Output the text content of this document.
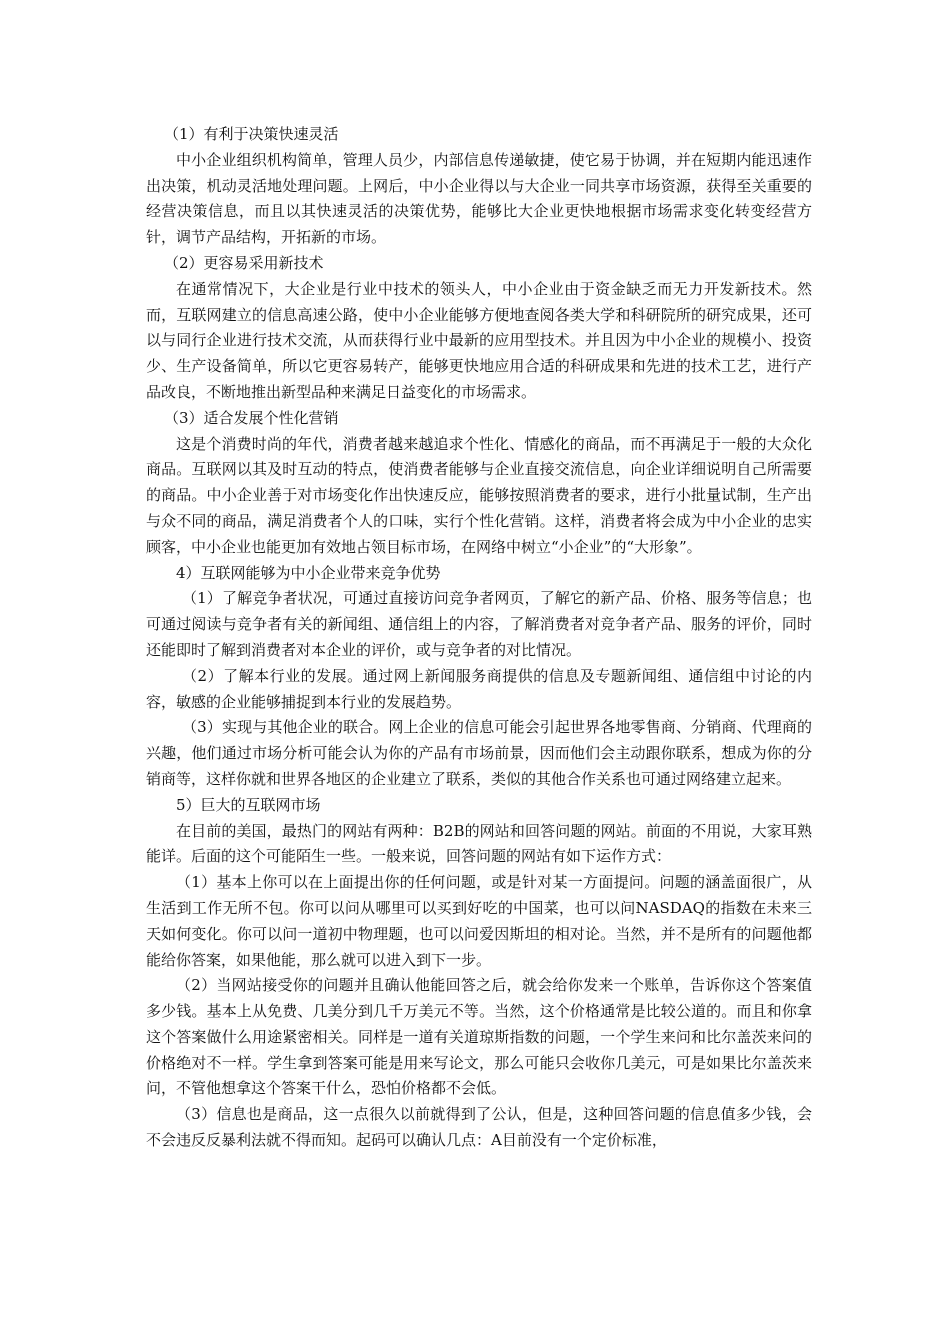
（1）有利于决策快速灵活

中小企业组织机构简单，管理人员少，内部信息传递敏捷，使它易于协调，并在短期内能迅速作出决策，机动灵活地处理问题。上网后，中小企业得以与大企业一同共享市场资源，获得至关重要的经营决策信息，而且以其快速灵活的决策优势，能够比大企业更快地根据市场需求变化转变经营方针，调节产品结构，开拓新的市场。

（2）更容易采用新技术

在通常情况下，大企业是行业中技术的领头人，中小企业由于资金缺乏而无力开发新技术。然而，互联网建立的信息高速公路，使中小企业能够方便地查阅各类大学和科研院所的研究成果，还可以与同行企业进行技术交流，从而获得行业中最新的应用型技术。并且因为中小企业的规模小、投资少、生产设备简单，所以它更容易转产，能够更快地应用合适的科研成果和先进的技术工艺，进行产品改良，不断地推出新型品种来满足日益变化的市场需求。

（3）适合发展个性化营销

这是个消费时尚的年代，消费者越来越追求个性化、情感化的商品，而不再满足于一般的大众化商品。互联网以其及时互动的特点，使消费者能够与企业直接交流信息，向企业详细说明自己所需要的商品。中小企业善于对市场变化作出快速反应，能够按照消费者的要求，进行小批量试制，生产出与众不同的商品，满足消费者个人的口味，实行个性化营销。这样，消费者将会成为中小企业的忠实顾客，中小企业也能更加有效地占领目标市场，在网络中树立“小企业”的“大形象”。

4）互联网能够为中小企业带来竞争优势

（1）了解竞争者状况，可通过直接访问竞争者网页，了解它的新产品、价格、服务等信息；也可通过阅读与竞争者有关的新闻组、通信组上的内容，了解消费者对竞争者产品、服务的评价，同时还能即时了解到消费者对本企业的评价，或与竞争者的对比情况。

（2）了解本行业的发展。通过网上新闻服务商提供的信息及专题新闻组、通信组中讨论的内容，敏感的企业能够捕捉到本行业的发展趋势。

（3）实现与其他企业的联合。网上企业的信息可能会引起世界各地零售商、分销商、代理商的兴趣，他们通过市场分析可能会认为你的产品有市场前景，因而他们会主动跟你联系，想成为你的分销商等，这样你就和世界各地区的企业建立了联系，类似的其他合作关系也可通过网络建立起来。

5）巨大的互联网市场

在目前的美国，最热门的网站有两种：B2B的网站和回答问题的网站。前面的不用说，大家耳熟能详。后面的这个可能陌生一些。一般来说，回答问题的网站有如下运作方式：

（1）基本上你可以在上面提出你的任何问题，或是针对某一方面提问。问题的涵盖面很广，从生活到工作无所不包。你可以问从哪里可以买到好吃的中国菜，也可以问NASDAQ的指数在未来三天如何变化。你可以问一道初中物理题，也可以问爱因斯坦的相对论。当然，并不是所有的问题他都能给你答案，如果他能，那么就可以进入到下一步。

（2）当网站接受你的问题并且确认他能回答之后，就会给你发来一个账单，告诉你这个答案值多少钱。基本上从免费、几美分到几千万美元不等。当然，这个价格通常是比较公道的。而且和你拿这个答案做什么用途紧密相关。同样是一道有关道琼斯指数的问题，一个学生来问和比尔盖茨来问的价格绝对不一样。学生拿到答案可能是用来写论文，那么可能只会收你几美元，可是如果比尔盖茨来问，不管他想拿这个答案干什么，恐怕价格都不会低。

（3）信息也是商品，这一点很久以前就得到了公认，但是，这种回答问题的信息值多少钱，会不会违反反暴利法就不得而知。起码可以确认几点：A目前没有一个定价标准，
